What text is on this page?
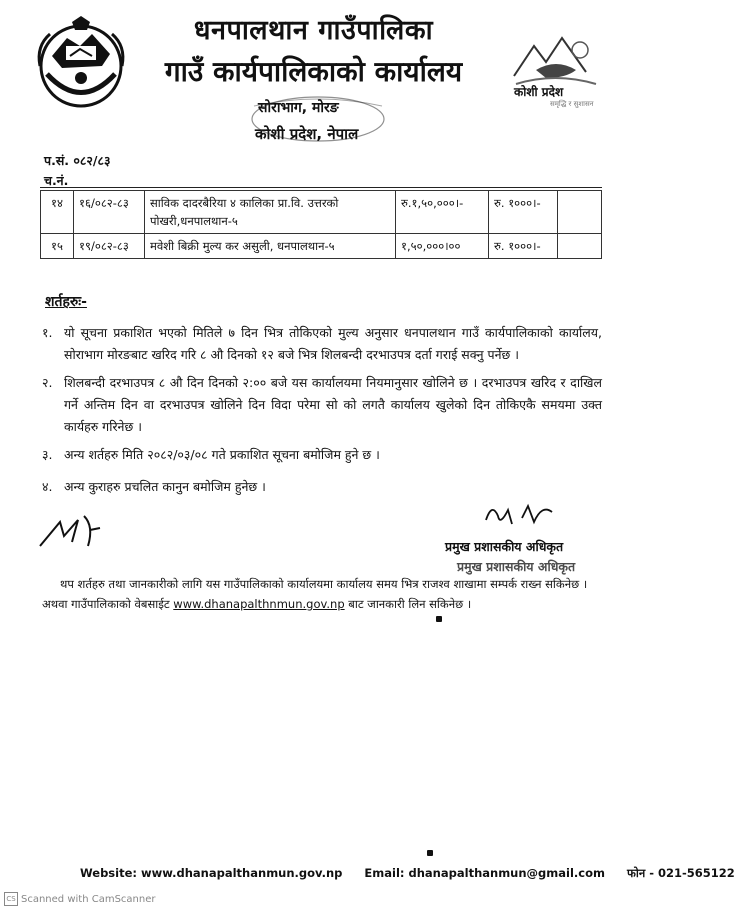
धनपालथान गाउँपालिका
गाउँ कार्यपालिकाको कार्यालय
कोशी प्रदेश
समृद्धि र सुशासन
सोराभाग, मोरङ
कोशी प्रदेश, नेपाल
प.सं. ०८२/८३
च.नं.
१४	१६/०८२-८३	साविक दादरबैरिया ४ कालिका प्रा.वि. उत्तरको पोखरी,धनपालथान-५	रु.१,५०,०००।-	रु. १०००।-	
१५	१९/०८२-८३	मवेशी बिक्री मुल्य कर असुली, धनपालथान-५	१,५०,०००।००	रु. १०००।-	
शर्तहरुः-
१. यो सूचना प्रकाशित भएको मितिले ७ दिन भित्र तोकिएको मुल्य अनुसार धनपालथान गाउँ कार्यपालिकाको कार्यालय, सोराभाग मोरङबाट खरिद गरि ८ औ दिनको १२ बजे भित्र शिलबन्दी दरभाउपत्र दर्ता गराई सक्नु पर्नेछ ।
२. शिलबन्दी दरभाउपत्र ८ औ दिन दिनको २:०० बजे यस कार्यालयमा नियमानुसार खोलिने छ । दरभाउपत्र खरिद र दाखिल गर्ने अन्तिम दिन वा दरभाउपत्र खोलिने दिन विदा परेमा सो को लगतै कार्यालय खुलेको दिन तोकिएकै समयमा उक्त कार्यहरु गरिनेछ ।
३. अन्य शर्तहरु मिति २०८२/०३/०८ गते प्रकाशित सूचना बमोजिम हुने छ ।
४. अन्य कुराहरु प्रचलित कानुन बमोजिम हुनेछ ।
प्रमुख प्रशासकीय अधिकृत
प्रमुख प्रशासकीय अधिकृत
थप शर्तहरु तथा जानकारीको लागि यस गाउँपालिकाको कार्यालयमा कार्यालय समय भित्र राजश्व शाखामा सम्पर्क राख्न सकिनेछ । अथवा गाउँपालिकाको वेबसाईट www.dhanapalthnmun.gov.np बाट जानकारी लिन सकिनेछ ।
Website: www.dhanapalthanmun.gov.np Email: dhanapalthanmun@gmail.com फोन - 021-565122
CS Scanned with CamScanner
